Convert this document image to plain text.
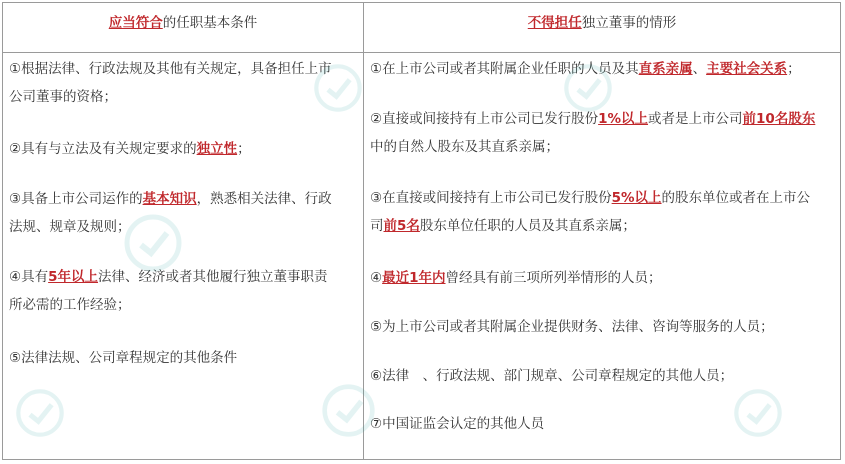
应当符合的任职基本条件	不得担任独立董事的情形
①根据法律、行政法规及其他有关规定，具备担任上市
公司董事的资格；
②具有与立法及有关规定要求的独立性；
③具备上市公司运作的基本知识，熟悉相关法律、行政
法规、规章及规则；
④具有5年以上法律、经济或者其他履行独立董事职责
所必需的工作经验；
⑤法律法规、公司章程规定的其他条件
①在上市公司或者其附属企业任职的人员及其直系亲属、主要社会关系；
②直接或间接持有上市公司已发行股份1%以上或者是上市公司前10名股东
中的自然人股东及其直系亲属；
③在直接或间接持有上市公司已发行股份5%以上的股东单位或者在上市公
司前5名股东单位任职的人员及其直系亲属；
④最近1年内曾经具有前三项所列举情形的人员；
⑤为上市公司或者其附属企业提供财务、法律、咨询等服务的人员；
⑥法律　、行政法规、部门规章、公司章程规定的其他人员；
⑦中国证监会认定的其他人员
